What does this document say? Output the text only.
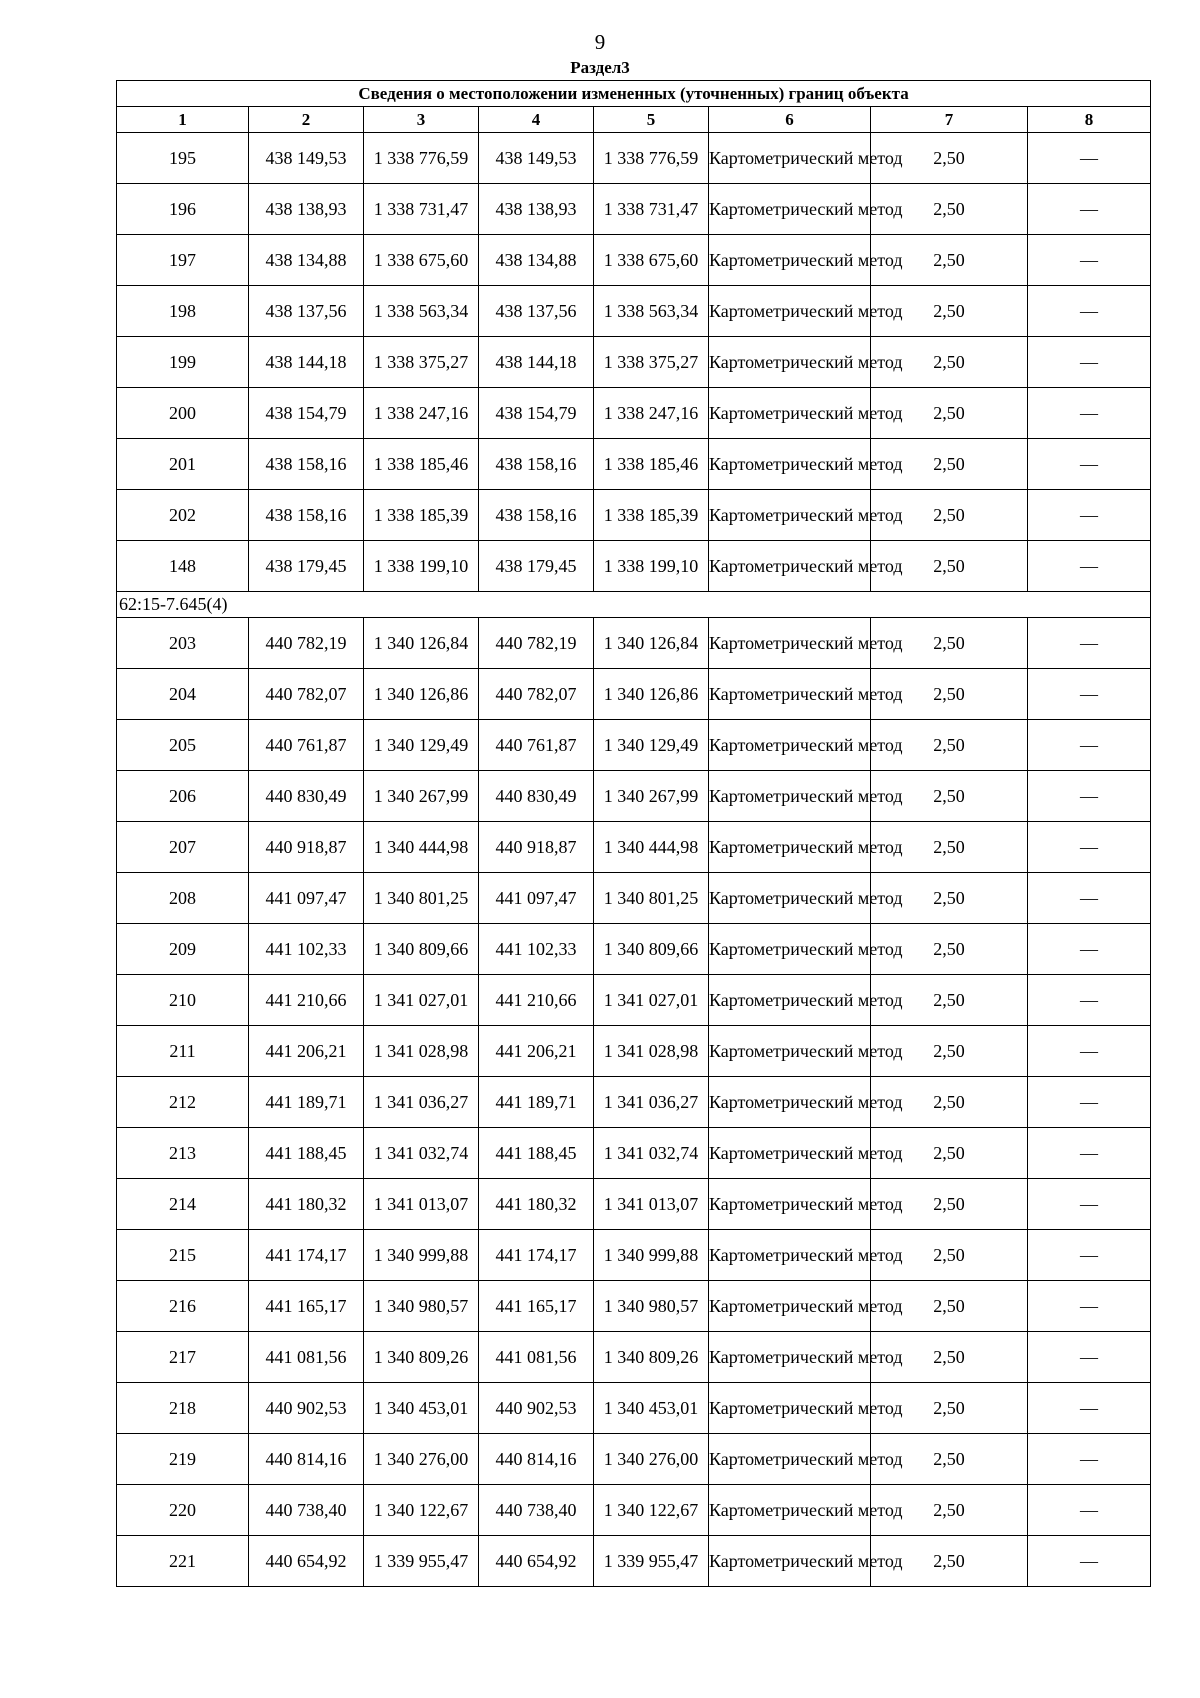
9
Раздел3
Сведения о местоположении измененных (уточненных) границ объекта							
1	2	3	4	5	6	7	8
195	438 149,53	1 338 776,59	438 149,53	1 338 776,59	Картометрический метод	2,50	—
196	438 138,93	1 338 731,47	438 138,93	1 338 731,47	Картометрический метод	2,50	—
197	438 134,88	1 338 675,60	438 134,88	1 338 675,60	Картометрический метод	2,50	—
198	438 137,56	1 338 563,34	438 137,56	1 338 563,34	Картометрический метод	2,50	—
199	438 144,18	1 338 375,27	438 144,18	1 338 375,27	Картометрический метод	2,50	—
200	438 154,79	1 338 247,16	438 154,79	1 338 247,16	Картометрический метод	2,50	—
201	438 158,16	1 338 185,46	438 158,16	1 338 185,46	Картометрический метод	2,50	—
202	438 158,16	1 338 185,39	438 158,16	1 338 185,39	Картометрический метод	2,50	—
148	438 179,45	1 338 199,10	438 179,45	1 338 199,10	Картометрический метод	2,50	—
62:15-7.645(4)							
203	440 782,19	1 340 126,84	440 782,19	1 340 126,84	Картометрический метод	2,50	—
204	440 782,07	1 340 126,86	440 782,07	1 340 126,86	Картометрический метод	2,50	—
205	440 761,87	1 340 129,49	440 761,87	1 340 129,49	Картометрический метод	2,50	—
206	440 830,49	1 340 267,99	440 830,49	1 340 267,99	Картометрический метод	2,50	—
207	440 918,87	1 340 444,98	440 918,87	1 340 444,98	Картометрический метод	2,50	—
208	441 097,47	1 340 801,25	441 097,47	1 340 801,25	Картометрический метод	2,50	—
209	441 102,33	1 340 809,66	441 102,33	1 340 809,66	Картометрический метод	2,50	—
210	441 210,66	1 341 027,01	441 210,66	1 341 027,01	Картометрический метод	2,50	—
211	441 206,21	1 341 028,98	441 206,21	1 341 028,98	Картометрический метод	2,50	—
212	441 189,71	1 341 036,27	441 189,71	1 341 036,27	Картометрический метод	2,50	—
213	441 188,45	1 341 032,74	441 188,45	1 341 032,74	Картометрический метод	2,50	—
214	441 180,32	1 341 013,07	441 180,32	1 341 013,07	Картометрический метод	2,50	—
215	441 174,17	1 340 999,88	441 174,17	1 340 999,88	Картометрический метод	2,50	—
216	441 165,17	1 340 980,57	441 165,17	1 340 980,57	Картометрический метод	2,50	—
217	441 081,56	1 340 809,26	441 081,56	1 340 809,26	Картометрический метод	2,50	—
218	440 902,53	1 340 453,01	440 902,53	1 340 453,01	Картометрический метод	2,50	—
219	440 814,16	1 340 276,00	440 814,16	1 340 276,00	Картометрический метод	2,50	—
220	440 738,40	1 340 122,67	440 738,40	1 340 122,67	Картометрический метод	2,50	—
221	440 654,92	1 339 955,47	440 654,92	1 339 955,47	Картометрический метод	2,50	—
